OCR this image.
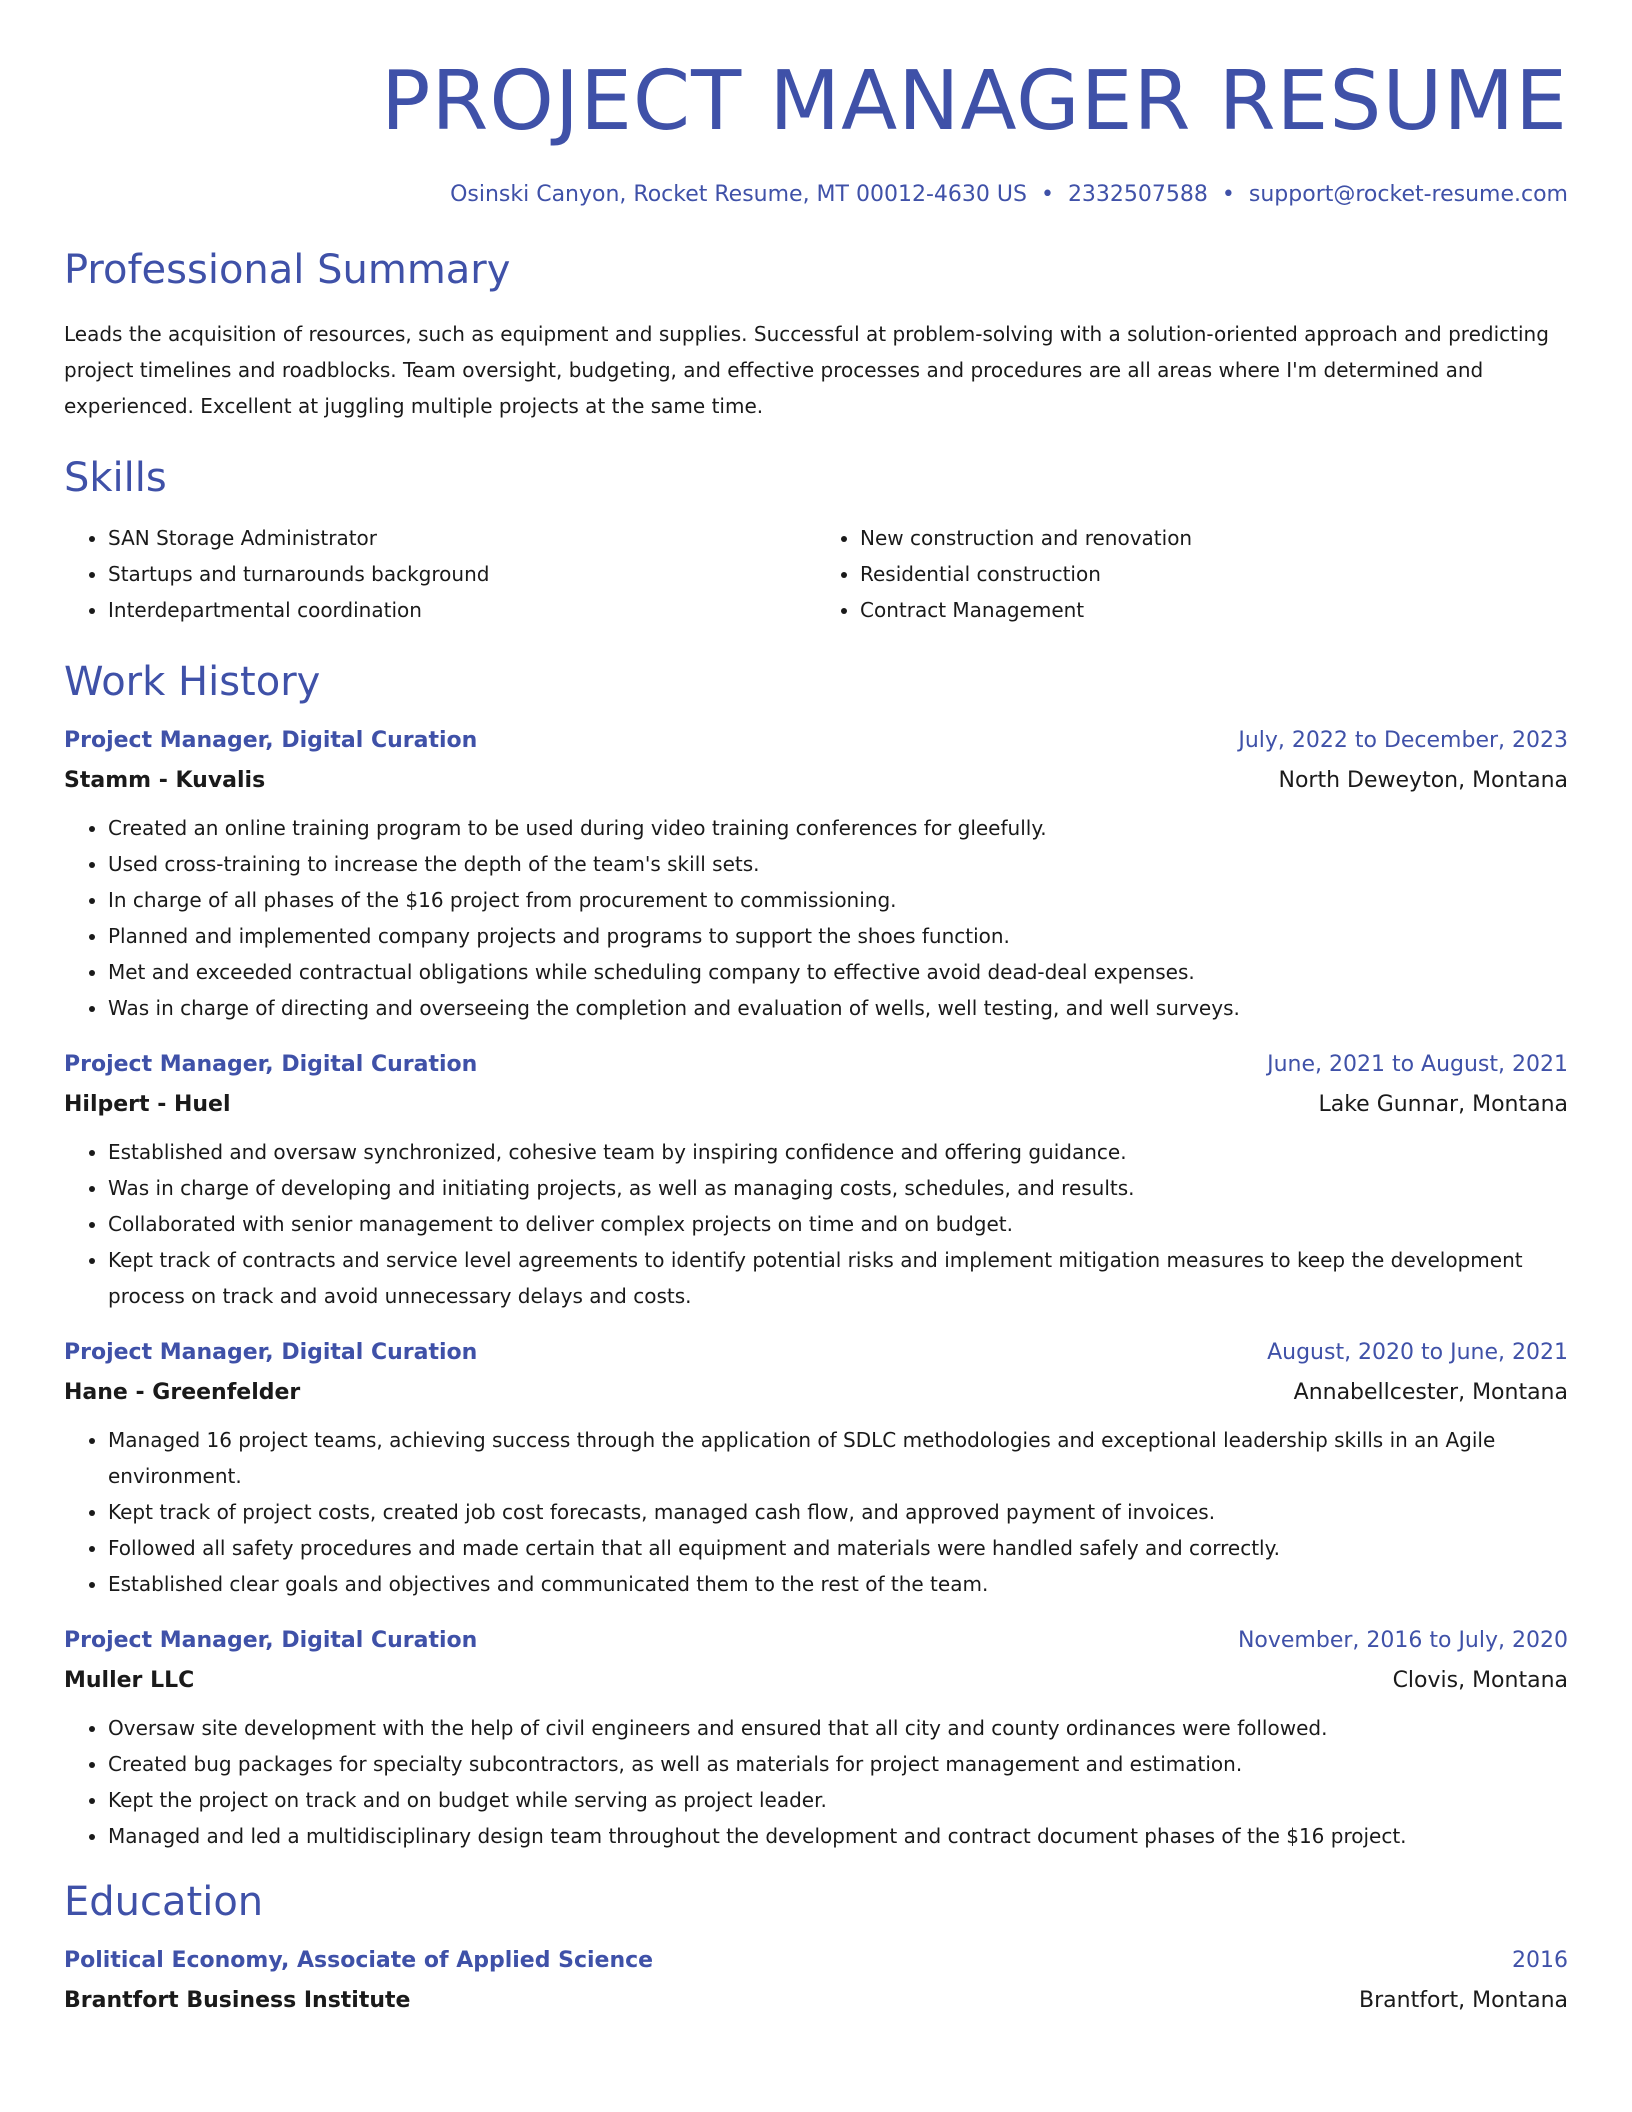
PROJECT MANAGER RESUME
Osinski Canyon, Rocket Resume, MT 00012-4630 US • 2332507588 • support@rocket-resume.com
Professional Summary
Leads the acquisition of resources, such as equipment and supplies. Successful at problem-solving with a solution-oriented approach and predicting project timelines and roadblocks. Team oversight, budgeting, and effective processes and procedures are all areas where I'm determined and experienced. Excellent at juggling multiple projects at the same time.
Skills
• SAN Storage Administrator
• Startups and turnarounds background
• Interdepartmental coordination
• New construction and renovation
• Residential construction
• Contract Management
Work History
Project Manager, Digital Curation	July, 2022 to December, 2023
Stamm - Kuvalis	North Deweyton, Montana
• Created an online training program to be used during video training conferences for gleefully.
• Used cross-training to increase the depth of the team's skill sets.
• In charge of all phases of the $16 project from procurement to commissioning.
• Planned and implemented company projects and programs to support the shoes function.
• Met and exceeded contractual obligations while scheduling company to effective avoid dead-deal expenses.
• Was in charge of directing and overseeing the completion and evaluation of wells, well testing, and well surveys.
Project Manager, Digital Curation	June, 2021 to August, 2021
Hilpert - Huel	Lake Gunnar, Montana
• Established and oversaw synchronized, cohesive team by inspiring confidence and offering guidance.
• Was in charge of developing and initiating projects, as well as managing costs, schedules, and results.
• Collaborated with senior management to deliver complex projects on time and on budget.
• Kept track of contracts and service level agreements to identify potential risks and implement mitigation measures to keep the development process on track and avoid unnecessary delays and costs.
Project Manager, Digital Curation	August, 2020 to June, 2021
Hane - Greenfelder	Annabellcester, Montana
• Managed 16 project teams, achieving success through the application of SDLC methodologies and exceptional leadership skills in an Agile environment.
• Kept track of project costs, created job cost forecasts, managed cash flow, and approved payment of invoices.
• Followed all safety procedures and made certain that all equipment and materials were handled safely and correctly.
• Established clear goals and objectives and communicated them to the rest of the team.
Project Manager, Digital Curation	November, 2016 to July, 2020
Muller LLC	Clovis, Montana
• Oversaw site development with the help of civil engineers and ensured that all city and county ordinances were followed.
• Created bug packages for specialty subcontractors, as well as materials for project management and estimation.
• Kept the project on track and on budget while serving as project leader.
• Managed and led a multidisciplinary design team throughout the development and contract document phases of the $16 project.
Education
Political Economy, Associate of Applied Science	2016
Brantfort Business Institute	Brantfort, Montana
